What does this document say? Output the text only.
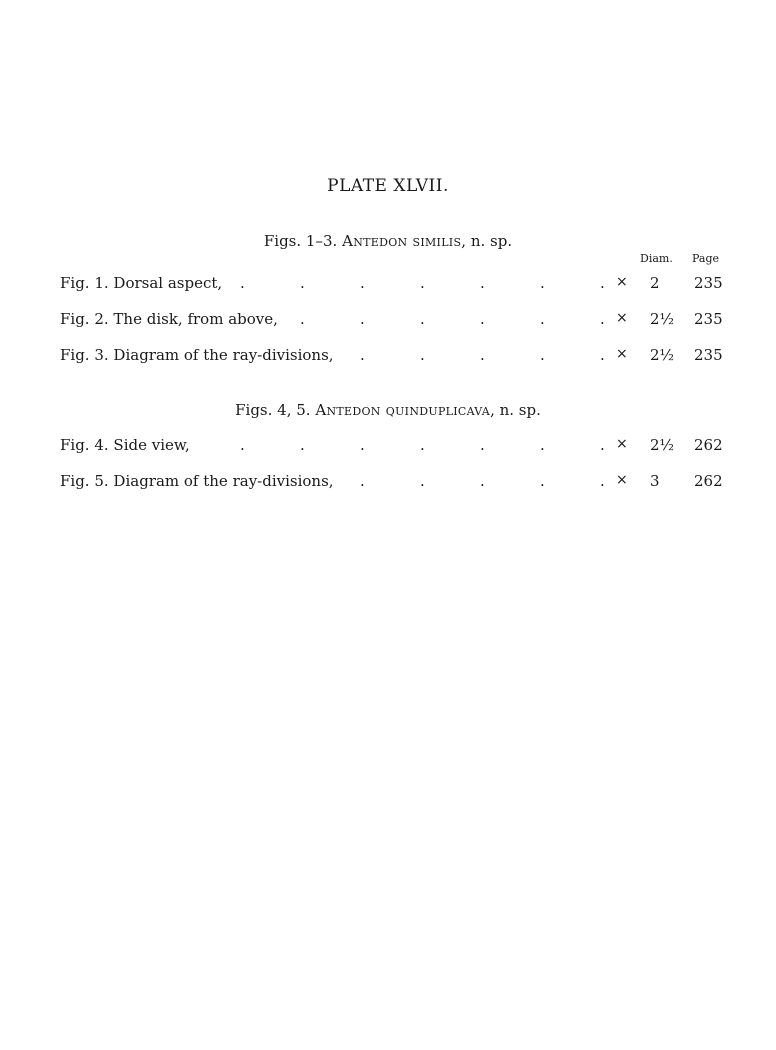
PLATE XLVII.
Figs. 1–3. Antedon similis, n. sp.
Diam. Page
Fig. 1. Dorsal aspect,	× 2 235
.
.
.
.
.
.
.
Fig. 2. The disk, from above,	× 2½ 235
.
.
.
.
.
.
Fig. 3. Diagram of the ray-divisions,	× 2½ 235
.
.
.
.
.
Figs. 4, 5. Antedon quinduplicava, n. sp.
Fig. 4. Side view,	× 2½ 262
.
.
.
.
.
.
.
Fig. 5. Diagram of the ray-divisions,	× 3 262
.
.
.
.
.
